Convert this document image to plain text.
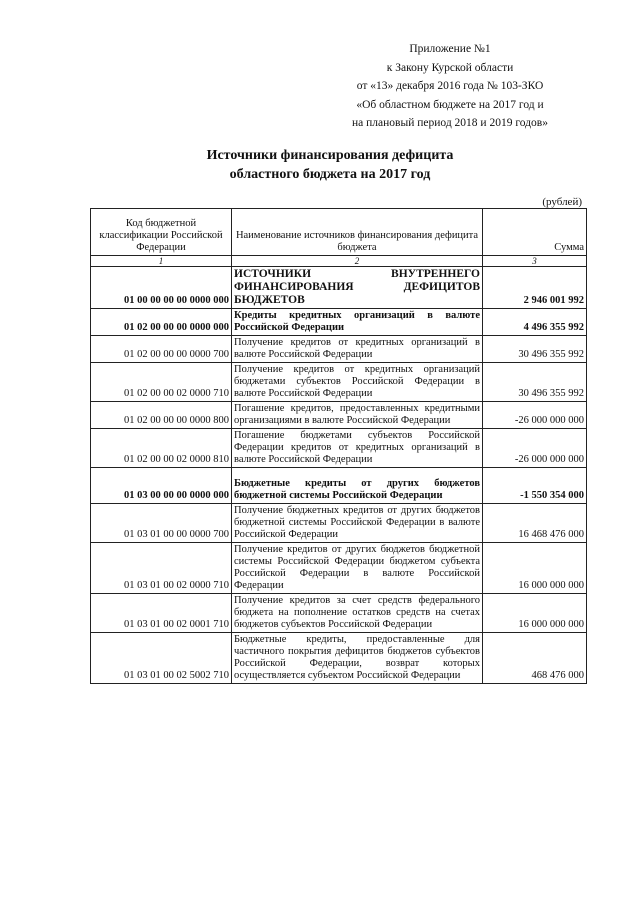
Приложение №1
к Закону Курской области
от «13» декабря 2016 года № 103-ЗКО
«Об областном бюджете на 2017 год и
на плановый период 2018 и 2019 годов»
Источники финансирования дефицита
областного бюджета на 2017 год
(рублей)
Код бюджетной классификации Российской Федерации	Наименование источников финансирования дефицита бюджета	Сумма
1	2	3
01 00 00 00 00 0000 000	ИСТОЧНИКИ ВНУТРЕННЕГО ФИНАНСИРОВАНИЯ ДЕФИЦИТОВ БЮДЖЕТОВ	2 946 001 992
01 02 00 00 00 0000 000	Кредиты кредитных организаций в валюте Российской Федерации	4 496 355 992
01 02 00 00 00 0000 700	Получение кредитов от кредитных организаций в валюте Российской Федерации	30 496 355 992
01 02 00 00 02 0000 710	Получение кредитов от кредитных организаций бюджетами субъектов Российской Федерации в валюте Российской Федерации	30 496 355 992
01 02 00 00 00 0000 800	Погашение кредитов, предоставленных кредитными организациями в валюте Российской Федерации	-26 000 000 000
01 02 00 00 02 0000 810	Погашение бюджетами субъектов Российской Федерации кредитов от кредитных организаций в валюте Российской Федерации	-26 000 000 000
01 03 00 00 00 0000 000	Бюджетные кредиты от других бюджетов бюджетной системы Российской Федерации	-1 550 354 000
01 03 01 00 00 0000 700	Получение бюджетных кредитов от других бюджетов бюджетной системы Российской Федерации в валюте Российской Федерации	16 468 476 000
01 03 01 00 02 0000 710	Получение кредитов от других бюджетов бюджетной системы Российской Федерации бюджетом субъекта Российской Федерации в валюте Российской Федерации	16 000 000 000
01 03 01 00 02 0001 710	Получение кредитов за счет средств федерального бюджета на пополнение остатков средств на счетах бюджетов субъектов Российской Федерации	16 000 000 000
01 03 01 00 02 5002 710	Бюджетные кредиты, предоставленные для частичного покрытия дефицитов бюджетов субъектов Российской Федерации, возврат которых осуществляется субъектом Российской Федерации	468 476 000
